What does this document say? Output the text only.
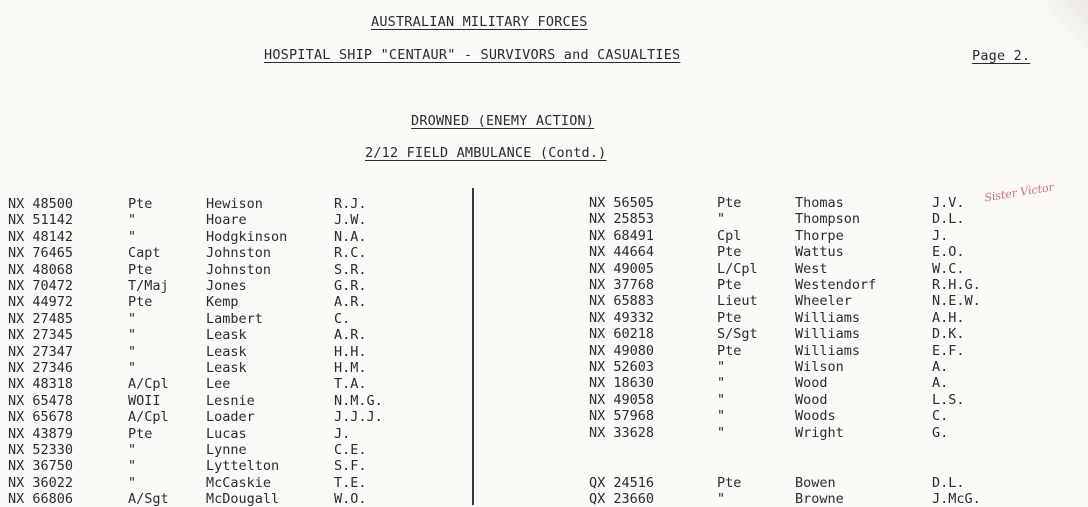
AUSTRALIAN MILITARY FORCES
HOSPITAL SHIP "CENTAUR" - SURVIVORS and CASUALTIES	Page 2.
DROWNED (ENEMY ACTION)
2/12 FIELD AMBULANCE (Contd.)
Sister Victor
NX 48500	Pte	Hewison	R.J.
NX 51142	"	Hoare	J.W.
NX 48142	"	Hodgkinson	N.A.
NX 76465	Capt	Johnston	R.C.
NX 48068	Pte	Johnston	S.R.
NX 70472	T/Maj	Jones	G.R.
NX 44972	Pte	Kemp	A.R.
NX 27485	"	Lambert	C.
NX 27345	"	Leask	A.R.
NX 27347	"	Leask	H.H.
NX 27346	"	Leask	H.M.
NX 48318	A/Cpl	Lee	T.A.
NX 65478	WOII	Lesnie	N.M.G.
NX 65678	A/Cpl	Loader	J.J.J.
NX 43879	Pte	Lucas	J.
NX 52330	"	Lynne	C.E.
NX 36750	"	Lyttelton	S.F.
NX 36022	"	McCaskie	T.E.
NX 66806	A/Sgt	McDougall	W.O.
NX 56505	Pte	Thomas	J.V.
NX 25853	"	Thompson	D.L.
NX 68491	Cpl	Thorpe	J.
NX 44664	Pte	Wattus	E.O.
NX 49005	L/Cpl	West	W.C.
NX 37768	Pte	Westendorf	R.H.G.
NX 65883	Lieut	Wheeler	N.E.W.
NX 49332	Pte	Williams	A.H.
NX 60218	S/Sgt	Williams	D.K.
NX 49080	Pte	Williams	E.F.
NX 52603	"	Wilson	A.
NX 18630	"	Wood	A.
NX 49058	"	Wood	L.S.
NX 57968	"	Woods	C.
NX 33628	"	Wright	G.
QX 24516	Pte	Bowen	D.L.
QX 23660	"	Browne	J.McG.
